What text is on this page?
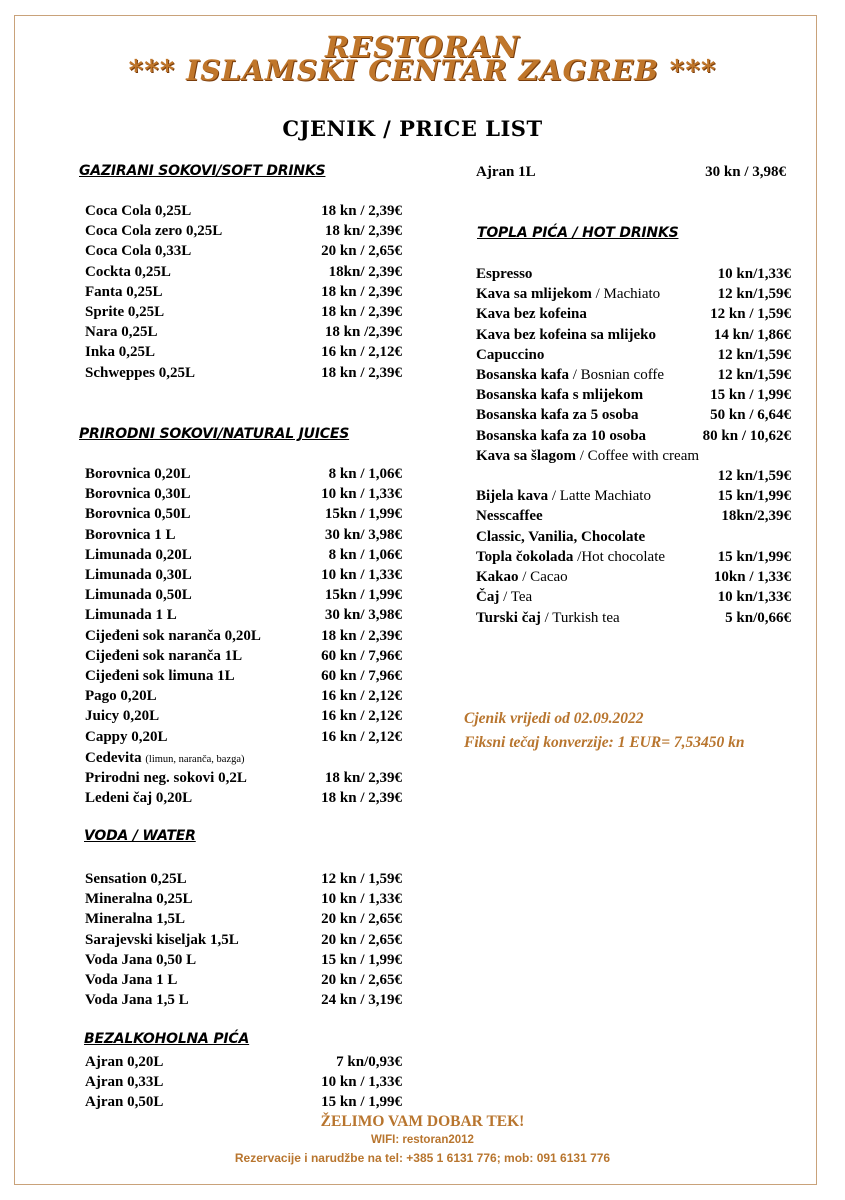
RESTORAN
*** ISLAMSKI CENTAR ZAGREB ***
CJENIK / PRICE LIST
GAZIRANI SOKOVI/SOFT DRINKS
Coca Cola 0,25L	18 kn / 2,39€
Coca Cola zero 0,25L	18 kn/ 2,39€
Coca Cola 0,33L	20 kn / 2,65€
Cockta 0,25L	18kn/ 2,39€
Fanta 0,25L	18 kn / 2,39€
Sprite 0,25L	18 kn / 2,39€
Nara 0,25L	18 kn /2,39€
Inka 0,25L	16 kn / 2,12€
Schweppes 0,25L	18 kn / 2,39€
PRIRODNI SOKOVI/NATURAL JUICES
Borovnica 0,20L	8 kn / 1,06€
Borovnica 0,30L	10 kn / 1,33€
Borovnica 0,50L	15kn / 1,99€
Borovnica 1 L	30 kn/ 3,98€
Limunada 0,20L	8 kn / 1,06€
Limunada 0,30L	10 kn / 1,33€
Limunada 0,50L	15kn / 1,99€
Limunada 1 L	30 kn/ 3,98€
Cijeđeni sok naranča 0,20L	18 kn / 2,39€
Cijeđeni sok naranča 1L	60 kn / 7,96€
Cijeđeni sok limuna 1L	60 kn / 7,96€
Pago 0,20L	16 kn / 2,12€
Juicy 0,20L	16 kn / 2,12€
Cappy 0,20L	16 kn / 2,12€
Cedevita (limun, naranča, bazga)
Prirodni neg. sokovi 0,2L	18 kn/ 2,39€
Ledeni čaj 0,20L	18 kn / 2,39€
VODA / WATER
Sensation 0,25L	12 kn / 1,59€
Mineralna 0,25L	10 kn / 1,33€
Mineralna 1,5L	20 kn / 2,65€
Sarajevski kiseljak 1,5L	20 kn / 2,65€
Voda Jana 0,50 L	15 kn / 1,99€
Voda Jana 1 L	20 kn / 2,65€
Voda Jana 1,5 L	24 kn / 3,19€
BEZALKOHOLNA PIĆA
Ajran 0,20L	7 kn/0,93€
Ajran 0,33L	10 kn / 1,33€
Ajran 0,50L	15 kn / 1,99€
Ajran 1L	30 kn / 3,98€
TOPLA PIĆA / HOT DRINKS
Espresso	10 kn/1,33€
Kava sa mlijekom / Machiato	12 kn/1,59€
Kava bez kofeina	12 kn / 1,59€
Kava bez kofeina sa mlijeko	14 kn/ 1,86€
Capuccino	12 kn/1,59€
Bosanska kafa / Bosnian coffe	12 kn/1,59€
Bosanska kafa s mlijekom	15 kn / 1,99€
Bosanska kafa za 5 osoba	50 kn / 6,64€
Bosanska kafa za 10 osoba	80 kn / 10,62€
Kava sa šlagom / Coffee with cream
12 kn/1,59€
Bijela kava / Latte Machiato	15 kn/1,99€
Nesscaffee	18kn/2,39€
Classic, Vanilia, Chocolate
Topla čokolada /Hot chocolate	15 kn/1,99€
Kakao / Cacao	10kn / 1,33€
Čaj / Tea	10 kn/1,33€
Turski čaj / Turkish tea	5 kn/0,66€
Cjenik vrijedi od 02.09.2022
Fiksni tečaj konverzije: 1 EUR= 7,53450 kn
ŽELIMO VAM DOBAR TEK!
WIFI: restoran2012
Rezervacije i narudžbe na tel: +385 1 6131 776; mob: 091 6131 776
